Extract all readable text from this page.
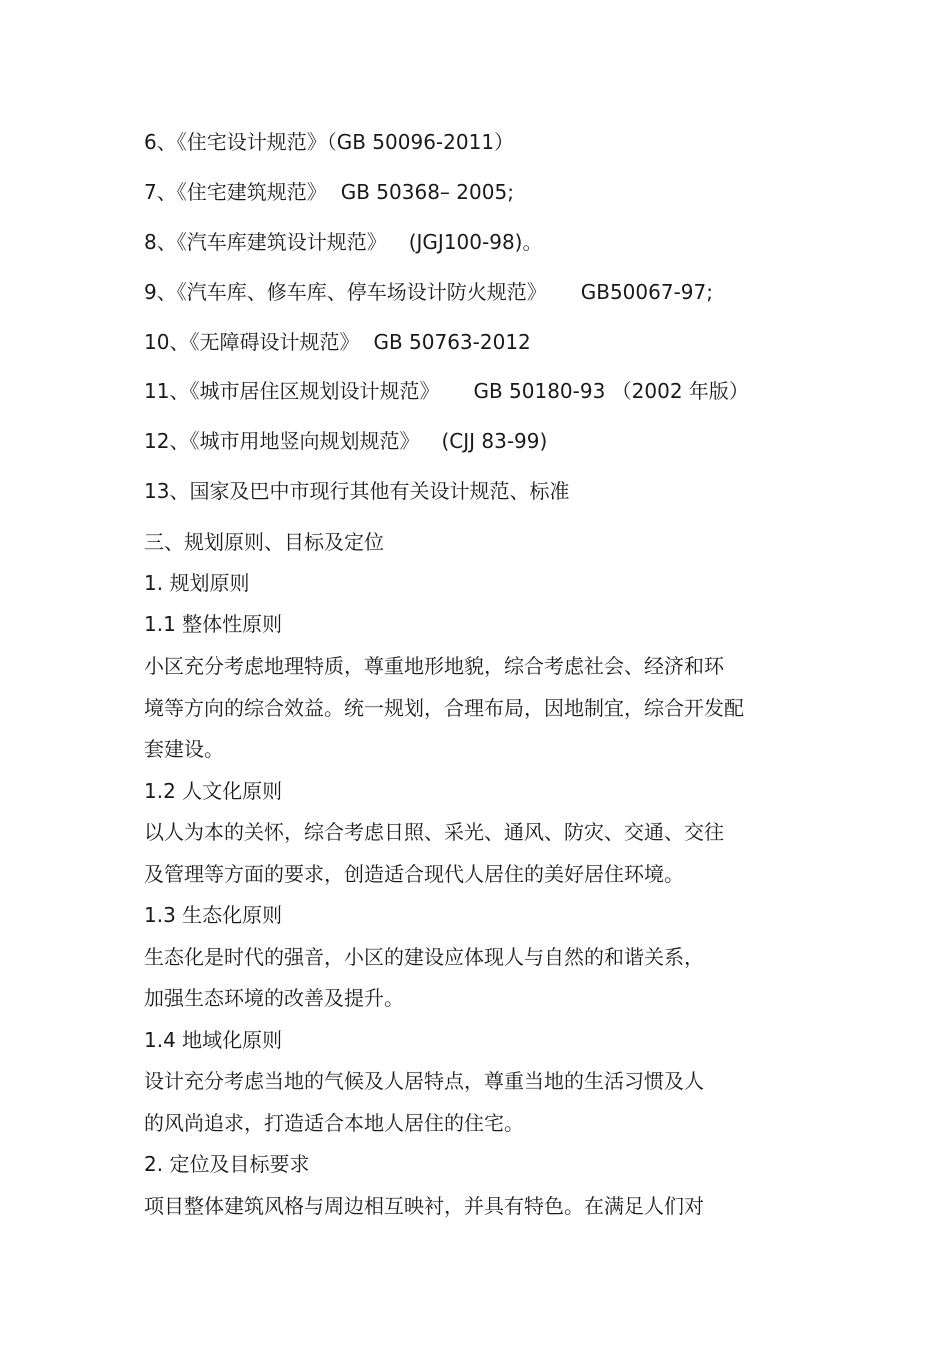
6、《住宅设计规范》（GB 50096-2011）
7、《住宅建筑规范》 GB 50368– 2005;
8、《汽车库建筑设计规范》 (JGJ100-98)。
9、《汽车库、修车库、停车场设计防火规范》 GB50067-97;
10、《无障碍设计规范》 GB 50763-2012
11、《城市居住区规划设计规范》 GB 50180-93 （2002 年版）
12、《城市用地竖向规划规范》 (CJJ 83-99)
13、国家及巴中市现行其他有关设计规范、标准
三、规划原则、目标及定位
1. 规划原则
1.1 整体性原则
小区充分考虑地理特质，尊重地形地貌，综合考虑社会、经济和环
境等方向的综合效益。统一规划，合理布局，因地制宜，综合开发配
套建设。
1.2 人文化原则
以人为本的关怀，综合考虑日照、采光、通风、防灾、交通、交往
及管理等方面的要求，创造适合现代人居住的美好居住环境。
1.3 生态化原则
生态化是时代的强音，小区的建设应体现人与自然的和谐关系，
加强生态环境的改善及提升。
1.4 地域化原则
设计充分考虑当地的气候及人居特点，尊重当地的生活习惯及人
的风尚追求，打造适合本地人居住的住宅。
2. 定位及目标要求
项目整体建筑风格与周边相互映衬，并具有特色。在满足人们对
